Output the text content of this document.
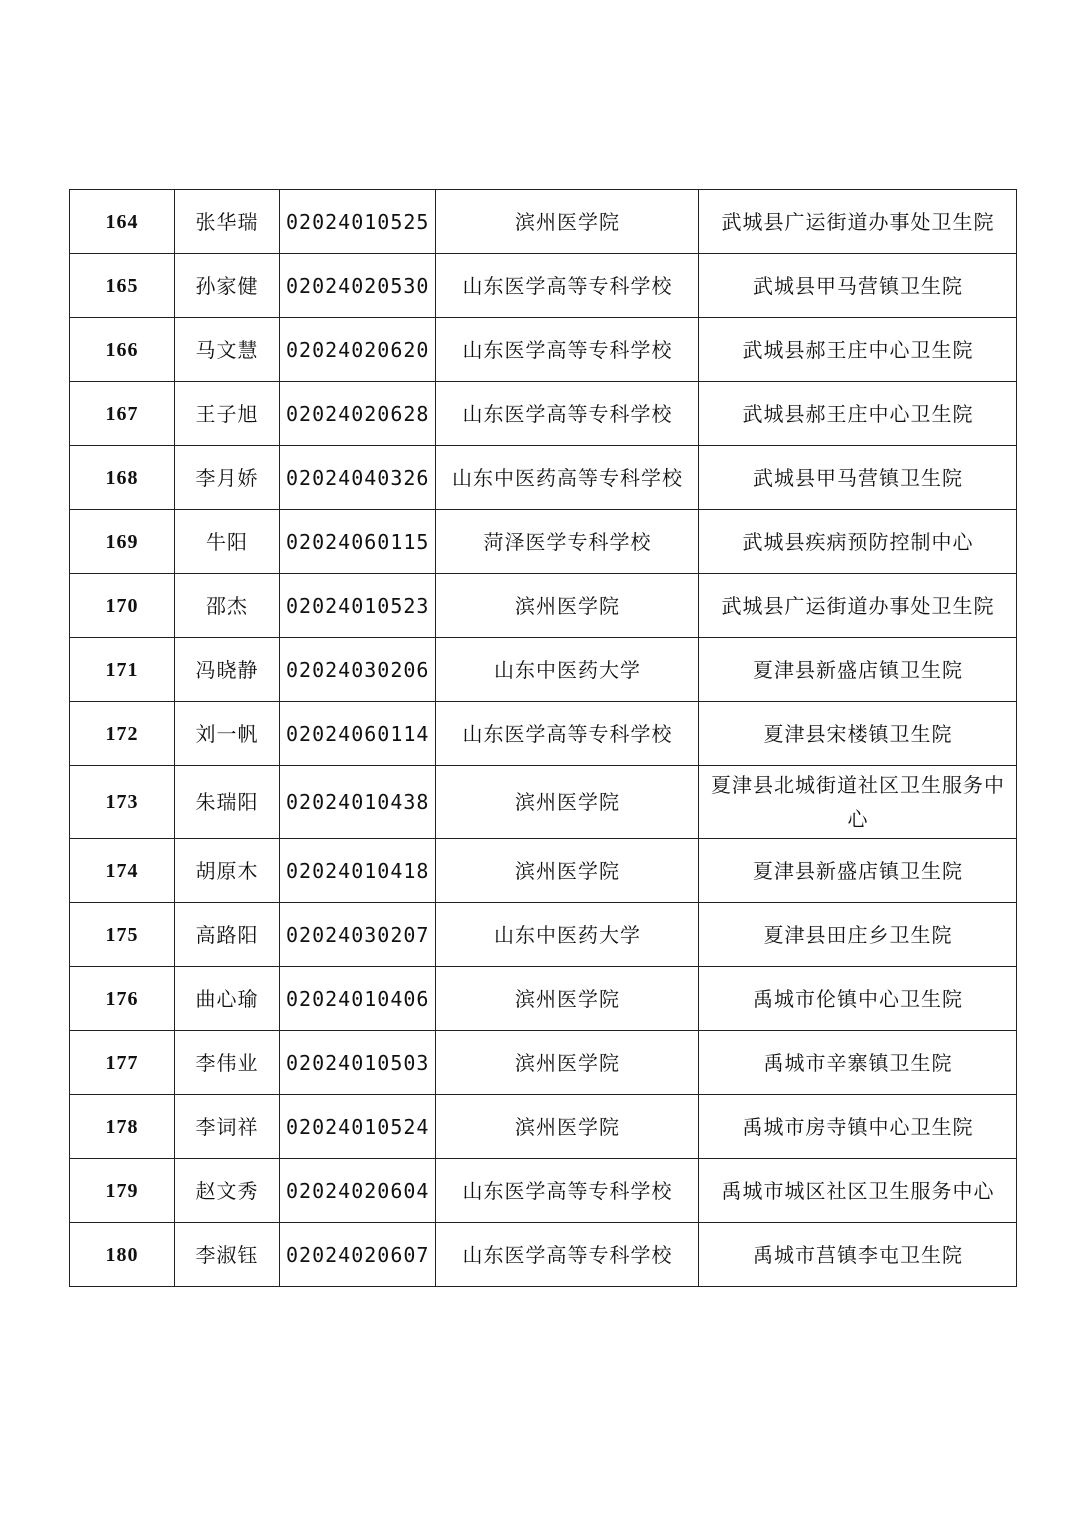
164	张华瑞	02024010525	滨州医学院	武城县广运街道办事处卫生院
165	孙家健	02024020530	山东医学高等专科学校	武城县甲马营镇卫生院
166	马文慧	02024020620	山东医学高等专科学校	武城县郝王庄中心卫生院
167	王子旭	02024020628	山东医学高等专科学校	武城县郝王庄中心卫生院
168	李月娇	02024040326	山东中医药高等专科学校	武城县甲马营镇卫生院
169	牛阳	02024060115	菏泽医学专科学校	武城县疾病预防控制中心
170	邵杰	02024010523	滨州医学院	武城县广运街道办事处卫生院
171	冯晓静	02024030206	山东中医药大学	夏津县新盛店镇卫生院
172	刘一帆	02024060114	山东医学高等专科学校	夏津县宋楼镇卫生院
173	朱瑞阳	02024010438	滨州医学院	夏津县北城街道社区卫生服务中心
174	胡原木	02024010418	滨州医学院	夏津县新盛店镇卫生院
175	高路阳	02024030207	山东中医药大学	夏津县田庄乡卫生院
176	曲心瑜	02024010406	滨州医学院	禹城市伦镇中心卫生院
177	李伟业	02024010503	滨州医学院	禹城市辛寨镇卫生院
178	李词祥	02024010524	滨州医学院	禹城市房寺镇中心卫生院
179	赵文秀	02024020604	山东医学高等专科学校	禹城市城区社区卫生服务中心
180	李淑钰	02024020607	山东医学高等专科学校	禹城市莒镇李屯卫生院
